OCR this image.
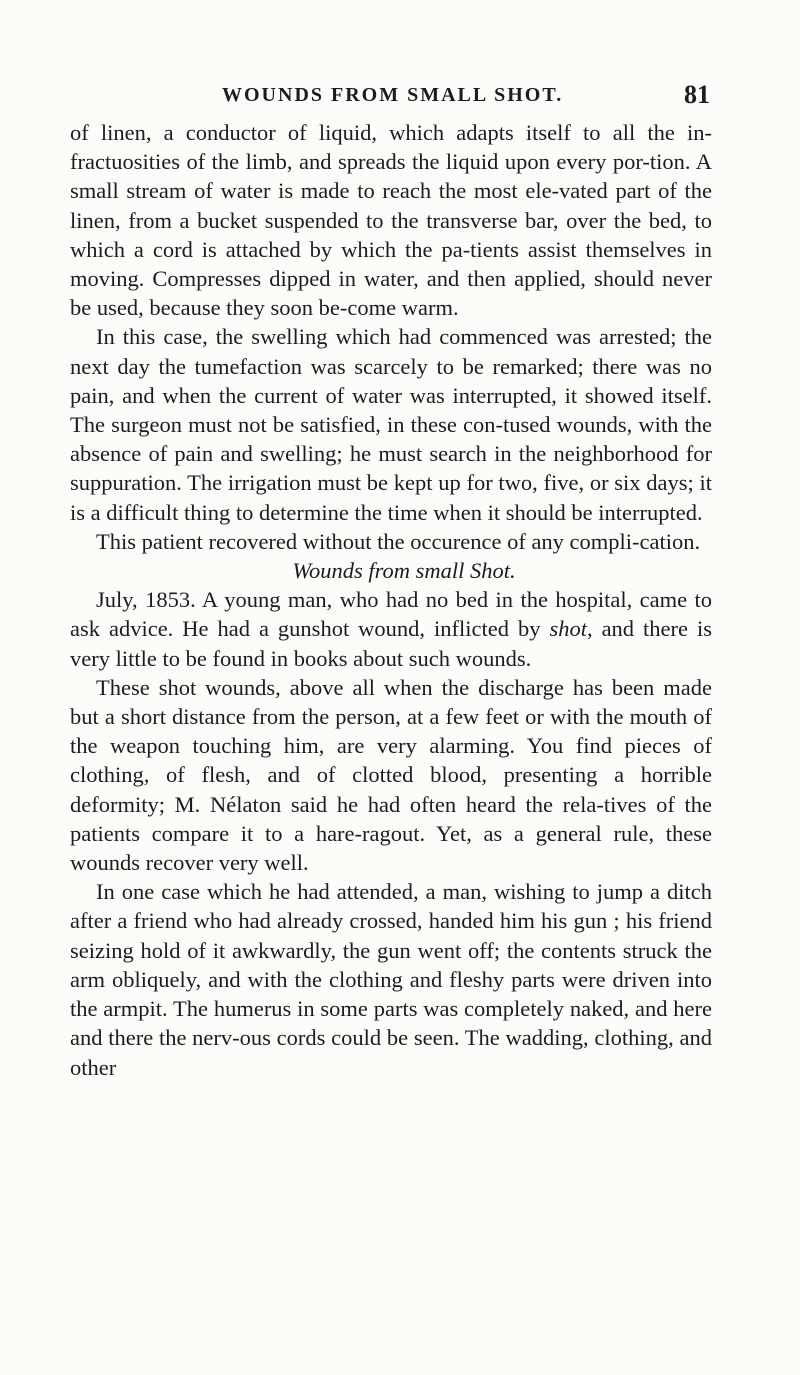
WOUNDS FROM SMALL SHOT.	81

of linen, a conductor of liquid, which adapts itself to all the in-fractuosities of the limb, and spreads the liquid upon every por-tion. A small stream of water is made to reach the most ele-vated part of the linen, from a bucket suspended to the transverse bar, over the bed, to which a cord is attached by which the pa-tients assist themselves in moving. Compresses dipped in water, and then applied, should never be used, because they soon be-come warm.

In this case, the swelling which had commenced was arrested; the next day the tumefaction was scarcely to be remarked; there was no pain, and when the current of water was interrupted, it showed itself. The surgeon must not be satisfied, in these con-tused wounds, with the absence of pain and swelling; he must search in the neighborhood for suppuration. The irrigation must be kept up for two, five, or six days; it is a difficult thing to determine the time when it should be interrupted.

This patient recovered without the occurence of any compli-cation.

Wounds from small Shot.

July, 1853. A young man, who had no bed in the hospital, came to ask advice. He had a gunshot wound, inflicted by shot, and there is very little to be found in books about such wounds.

These shot wounds, above all when the discharge has been made but a short distance from the person, at a few feet or with the mouth of the weapon touching him, are very alarming. You find pieces of clothing, of flesh, and of clotted blood, presenting a horrible deformity; M. Nélaton said he had often heard the rela-tives of the patients compare it to a hare-ragout. Yet, as a general rule, these wounds recover very well.

In one case which he had attended, a man, wishing to jump a ditch after a friend who had already crossed, handed him his gun ; his friend seizing hold of it awkwardly, the gun went off; the contents struck the arm obliquely, and with the clothing and fleshy parts were driven into the armpit. The humerus in some parts was completely naked, and here and there the nerv-ous cords could be seen. The wadding, clothing, and other
